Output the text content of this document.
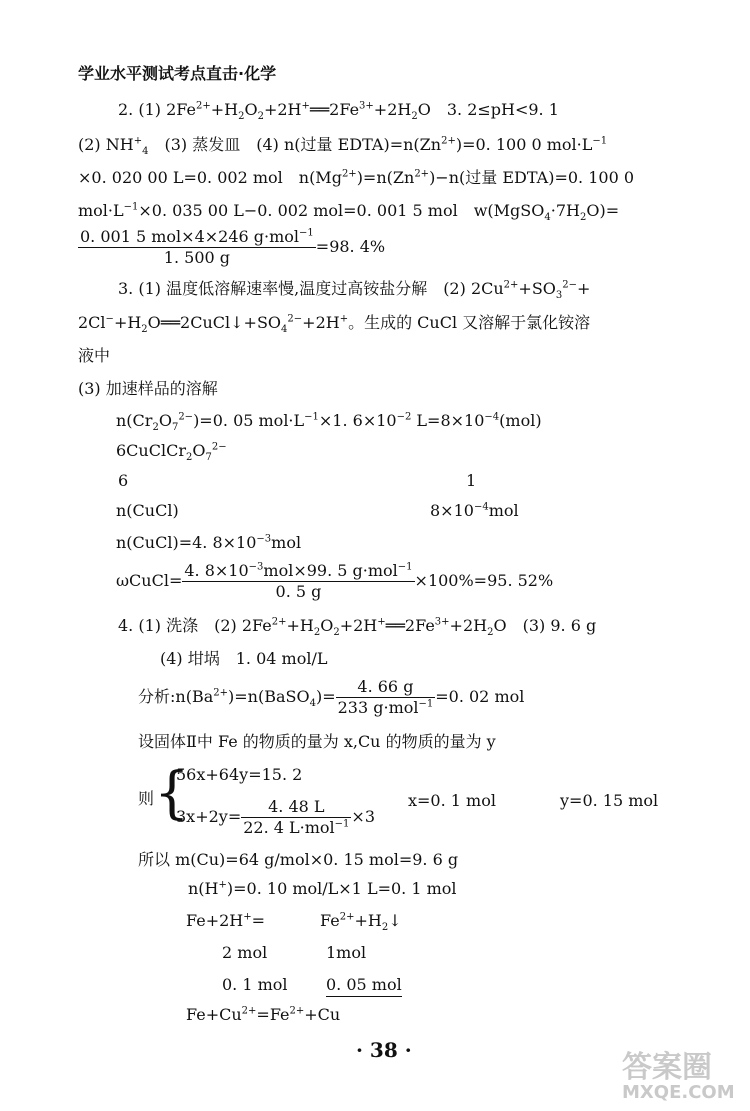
学业水平测试考点直击·化学
2. (1) $2Fe^{2+}+H_2O_2+2H^+══2Fe^{3+}+2H_2O$　3. 2≤pH<9. 1
(2) $NH^+_4$　(3) 蒸发皿　(4) n(过量 $EDTA)=n(Zn^{2+})=0$. 100 0 $mol\cdot L^{-1}$
×0. 020 00 L=0. 002 mol　$n(Mg^{2+})=n(Zn^{2+})-n$(过量 EDTA)=0. 100 0
$mol\cdot L^{-1}\times 0$. 035 00 L−0. 002 mol=0. 001 5 mol　$w(MgSO_4\cdot 7H_2O)=$
$\frac{0. 001 5 mol\times 4\times 246 g\cdot mol^{-1}}{1. 500 g} =98$. 4%
3. (1) 温度低溶解速率慢,温度过高铵盐分解　(2) $2Cu^{2+}+SO_3^{2-}+$
$2Cl^-+H_2O══2CuCl↓+SO_4^{2-}+2H^+$。生成的 CuCl 又溶解于氯化铵溶
液中
(3) 加速样品的溶解
$n(Cr_2O_7^{2-})=0$. 05 $mol\cdot L^{-1}\times 1$. $6\times 10^{-2}$ $L=8\times 10^{-4}(mol)$
$6CuClCr_2O_7^{2-}$
6	1
n(CuCl)	$8\times 10^{-4}mol$
n(CuCl)=4. $8\times 10^{-3}mol$
ωCuCl= $\frac{4. 8\times 10^{-3}mol\times 99. 5 g\cdot mol^{-1}}{0. 5 g} \times 100\%=95$. 52%
4. (1) 洗涤　(2) $2Fe^{2+}+H_2O_2+2H^+══2Fe^{3+}+2H_2O$　(3) 9. 6 g
(4) 坩埚　1. 04 mol/L
分析$:n(Ba^{2+})=n(BaSO_4)= \frac{4. 66 g}{233 g\cdot mol^{-1}} =0$. 02 mol
设固体Ⅱ中 Fe 的物质的量为 x,Cu 的物质的量为 y
则 {
56x+64y=15. 2
$3x+2y= \frac{4. 48 L}{22. 4 L\cdot mol^{-1}} \times 3$
x=0. 1 mol	y=0. 15 mol
所以 m(Cu)=64 g/mol×0. 15 mol=9. 6 g
n(H+)=0. 10 mol/L×1 L=0. 1 mol
Fe+2H+=	$Fe^{2+}+H_2↓$
2 mol	1mol
0. 1 mol 0. 05 mol
$Fe+Cu^{2+}=Fe^{2+}+Cu$
· 38 ·	答案圈
MXQE.COM
